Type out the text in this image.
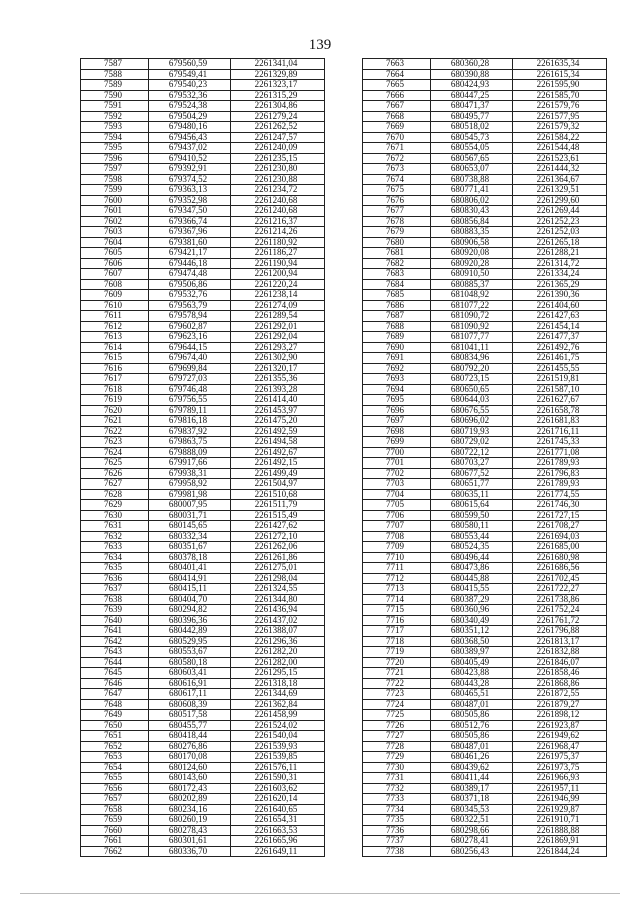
139
7587	679560,59	2261341,04
7588	679549,41	2261329,89
7589	679540,23	2261323,17
7590	679532,36	2261315,29
7591	679524,38	2261304,86
7592	679504,29	2261279,24
7593	679480,16	2261262,52
7594	679456,43	2261247,57
7595	679437,02	2261240,09
7596	679410,52	2261235,15
7597	679392,91	2261230,80
7598	679374,52	2261230,88
7599	679363,13	2261234,72
7600	679352,98	2261240,68
7601	679347,50	2261240,68
7602	679366,74	2261216,37
7603	679367,96	2261214,26
7604	679381,60	2261180,92
7605	679421,17	2261186,27
7606	679446,18	2261190,94
7607	679474,48	2261200,94
7608	679506,86	2261220,24
7609	679532,76	2261238,14
7610	679563,79	2261274,09
7611	679578,94	2261289,54
7612	679602,87	2261292,01
7613	679623,16	2261292,04
7614	679644,15	2261293,27
7615	679674,40	2261302,90
7616	679699,84	2261320,17
7617	679727,03	2261355,36
7618	679746,48	2261393,28
7619	679756,55	2261414,40
7620	679789,11	2261453,97
7621	679816,18	2261475,20
7622	679837,92	2261492,59
7623	679863,75	2261494,58
7624	679888,09	2261492,67
7625	679917,66	2261492,15
7626	679938,31	2261499,49
7627	679958,92	2261504,97
7628	679981,98	2261510,68
7629	680007,95	2261511,79
7630	680031,71	2261515,49
7631	680145,65	2261427,62
7632	680332,34	2261272,10
7633	680351,67	2261262,06
7634	680378,18	2261261,86
7635	680401,41	2261275,01
7636	680414,91	2261298,04
7637	680415,11	2261324,55
7638	680404,70	2261344,80
7639	680294,82	2261436,94
7640	680396,36	2261437,02
7641	680442,89	2261388,07
7642	680529,95	2261296,36
7643	680553,67	2261282,20
7644	680580,18	2261282,00
7645	680603,41	2261295,15
7646	680616,91	2261318,18
7647	680617,11	2261344,69
7648	680608,39	2261362,84
7649	680517,58	2261458,99
7650	680455,77	2261524,02
7651	680418,44	2261540,04
7652	680276,86	2261539,93
7653	680170,08	2261539,85
7654	680124,60	2261576,11
7655	680143,60	2261590,31
7656	680172,43	2261603,62
7657	680202,89	2261620,14
7658	680234,16	2261640,65
7659	680260,19	2261654,31
7660	680278,43	2261663,53
7661	680301,61	2261665,96
7662	680336,70	2261649,11
7663	680360,28	2261635,34
7664	680390,88	2261615,34
7665	680424,93	2261595,90
7666	680447,25	2261585,70
7667	680471,37	2261579,76
7668	680495,77	2261577,95
7669	680518,02	2261579,32
7670	680545,73	2261584,22
7671	680554,05	2261544,48
7672	680567,65	2261523,61
7673	680653,07	2261444,32
7674	680738,88	2261364,67
7675	680771,41	2261329,51
7676	680806,02	2261299,60
7677	680830,43	2261269,44
7678	680856,84	2261252,23
7679	680883,35	2261252,03
7680	680906,58	2261265,18
7681	680920,08	2261288,21
7682	680920,28	2261314,72
7683	680910,50	2261334,24
7684	680885,37	2261365,29
7685	681048,92	2261390,36
7686	681077,22	2261404,60
7687	681090,72	2261427,63
7688	681090,92	2261454,14
7689	681077,77	2261477,37
7690	681041,11	2261492,76
7691	680834,96	2261461,75
7692	680792,20	2261455,55
7693	680723,15	2261519,81
7694	680650,65	2261587,10
7695	680644,03	2261627,67
7696	680676,55	2261658,78
7697	680696,02	2261681,83
7698	680719,93	2261716,11
7699	680729,02	2261745,33
7700	680722,12	2261771,08
7701	680703,27	2261789,93
7702	680677,52	2261796,83
7703	680651,77	2261789,93
7704	680635,11	2261774,55
7705	680615,64	2261746,30
7706	680599,50	2261727,15
7707	680580,11	2261708,27
7708	680553,44	2261694,03
7709	680524,35	2261685,00
7710	680496,44	2261680,98
7711	680473,86	2261686,56
7712	680445,88	2261702,45
7713	680415,55	2261722,27
7714	680387,29	2261738,86
7715	680360,96	2261752,24
7716	680340,49	2261761,72
7717	680351,12	2261796,88
7718	680368,50	2261813,17
7719	680389,97	2261832,88
7720	680405,49	2261846,07
7721	680423,88	2261858,46
7722	680443,28	2261868,86
7723	680465,51	2261872,55
7724	680487,01	2261879,27
7725	680505,86	2261898,12
7726	680512,76	2261923,87
7727	680505,86	2261949,62
7728	680487,01	2261968,47
7729	680461,26	2261975,37
7730	680439,62	2261973,75
7731	680411,44	2261966,93
7732	680389,17	2261957,11
7733	680371,18	2261946,99
7734	680345,53	2261929,87
7735	680322,51	2261910,71
7736	680298,66	2261888,88
7737	680278,41	2261869,91
7738	680256,43	2261844,24
